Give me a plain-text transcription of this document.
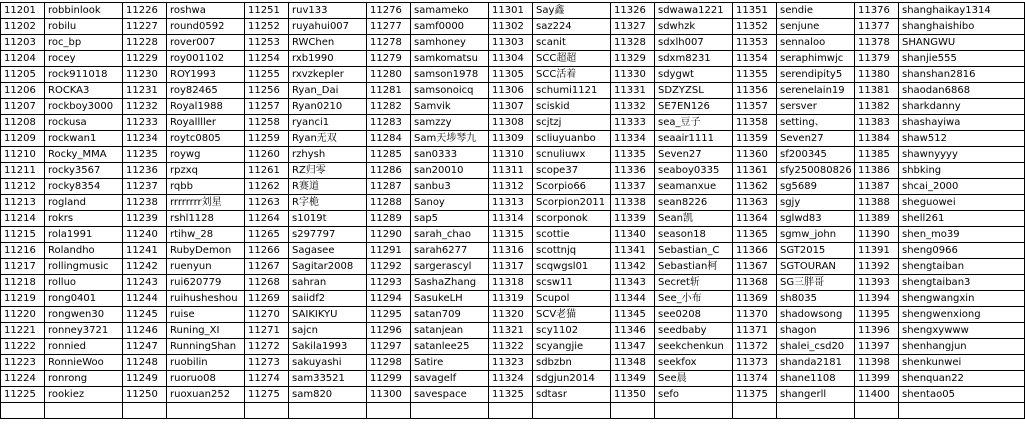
11201	robbinlook	11226	roshwa	11251	ruv133	11276	samameko	11301	Say鑫	11326	sdwawa1221	11351	sendie	11376	shanghaikay1314
11202	robilu	11227	round0592	11252	ruyahui007	11277	samf0000	11302	saz224	11327	sdwhzk	11352	senjune	11377	shanghaishibo
11203	roc_bp	11228	rover007	11253	RWChen	11278	samhoney	11303	scanit	11328	sdxlh007	11353	sennaloo	11378	SHANGWU
11204	rocey	11229	roy001102	11254	rxb1990	11279	samkomatsu	11304	SCC超超	11329	sdxm8231	11354	seraphimwjc	11379	shanjie555
11205	rock911018	11230	ROY1993	11255	rxvzkepler	11280	samson1978	11305	SCC活着	11330	sdygwt	11355	serendipity5	11380	shanshan2816
11206	ROCKA3	11231	roy82465	11256	Ryan_Dai	11281	samsonoicq	11306	schumi1121	11331	SDZYZSL	11356	serenelain19	11381	shaodan6868
11207	rockboy3000	11232	Royal1988	11257	Ryan0210	11282	Samvik	11307	sciskid	11332	SE7EN126	11357	sersver	11382	sharkdanny
11208	rockusa	11233	Royallller	11258	ryanci1	11283	samzzy	11308	scjtzj	11333	sea_豆子	11358	setting、	11383	shashayiwa
11209	rockwan1	11234	roytc0805	11259	Ryan无双	11284	Sam天埗琴九	11309	scliuyuanbo	11334	seaair1111	11359	Seven27	11384	shaw512
11210	Rocky_MMA	11235	roywg	11260	rzhysh	11285	san0333	11310	scnuliuwx	11335	Seven27	11360	sf200345	11385	shawnyyyy
11211	rocky3567	11236	rpzxq	11261	RZ归零	11286	san20010	11311	scope37	11336	seaboy0335	11361	sfy250080826	11386	shbking
11212	rocky8354	11237	rqbb	11262	R赛道	11287	sanbu3	11312	Scorpio66	11337	seamanxue	11362	sg5689	11387	shcai_2000
11213	rogland	11238	rrrrrrrr刘星	11263	R字桅	11288	Sanoy	11313	Scorpion2011	11338	sean8226	11363	sgjy	11388	sheguowei
11214	rokrs	11239	rshl1128	11264	s1019t	11289	sap5	11314	scorponok	11339	Sean凯	11364	sglwd83	11389	shell261
11215	rola1991	11240	rtihw_28	11265	s297797	11290	sarah_chao	11315	scottie	11340	season18	11365	sgmw_john	11390	shen_mo39
11216	Rolandho	11241	RubyDemon	11266	Sagasee	11291	sarah6277	11316	scottnjq	11341	Sebastian_C	11366	SGT2015	11391	sheng0966
11217	rollingmusic	11242	ruenyun	11267	Sagitar2008	11292	sargerascyl	11317	scqwgsl01	11342	Sebastian柯	11367	SGTOURAN	11392	shengtaiban
11218	rolluo	11243	rui620779	11268	sahran	11293	SashaZhang	11318	scsw11	11343	Secret斩	11368	SG三胖哥	11393	shengtaiban3
11219	rong0401	11244	ruihusheshou	11269	saiidf2	11294	SasukeLH	11319	Scupol	11344	See_小布	11369	sh8035	11394	shengwangxin
11220	rongwen30	11245	ruise	11270	SAIKIKYU	11295	satan709	11320	SCV老猫	11345	see0208	11370	shadowsong	11395	shengwenxiong
11221	ronney3721	11246	Runing_XI	11271	sajcn	11296	satanjean	11321	scy1102	11346	seedbaby	11371	shagon	11396	shengxywww
11222	ronnied	11247	RunningShan	11272	Sakila1993	11297	satanlee25	11322	scyangjie	11347	seekchenkun	11372	shalei_csd20	11397	shenhangjun
11223	RonnieWoo	11248	ruobilin	11273	sakuyashi	11298	Satire	11323	sdbzbn	11348	seekfox	11373	shanda2181	11398	shenkunwei
11224	ronrong	11249	ruoruo08	11274	sam33521	11299	savagelf	11324	sdgjun2014	11349	See晨	11374	shane1108	11399	shenquan22
11225	rookiez	11250	ruoxuan252	11275	sam820	11300	savespace	11325	sdtasr	11350	sefo	11375	shangerll	11400	shentao05
